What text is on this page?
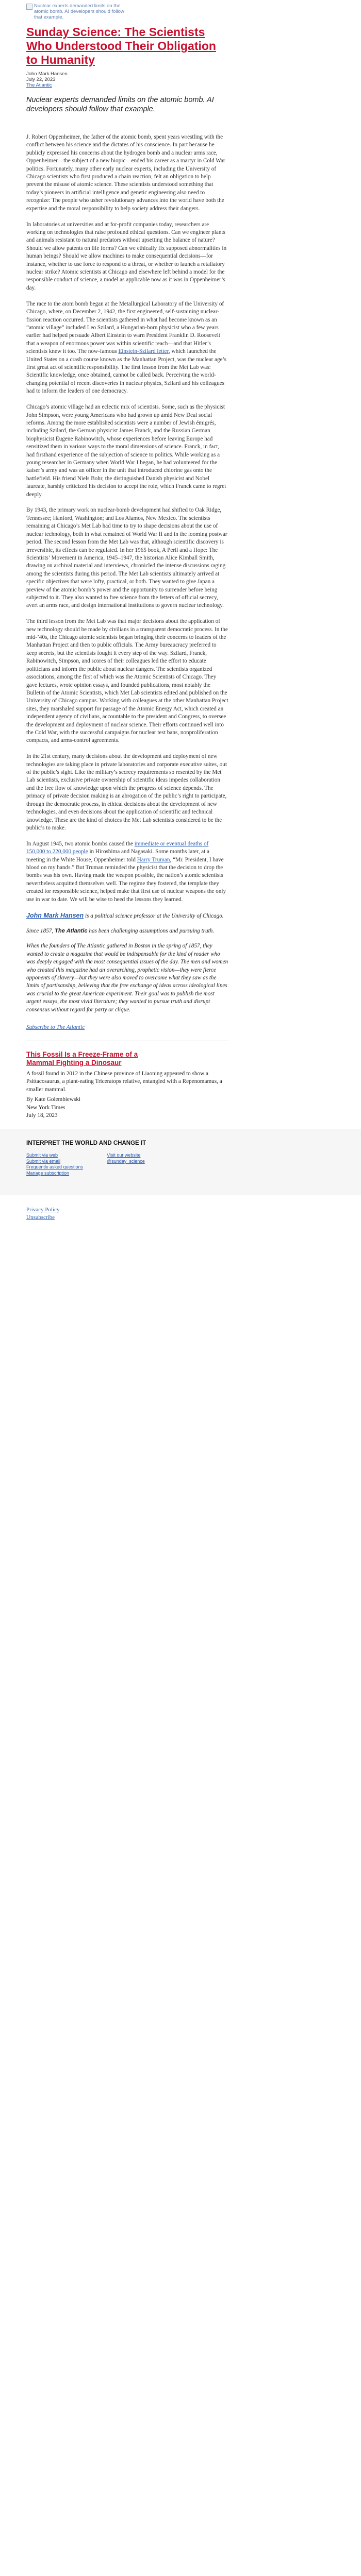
Nuclear experts demanded limits on the atomic bomb. AI developers should follow that example.
Sunday Science: The Scientists Who Understood Their Obligation to Humanity
John Mark Hansen
July 22, 2023
The Atlantic
Nuclear experts demanded limits on the atomic bomb. AI developers should follow that example.

J. Robert Oppenheimer, the father of the atomic bomb, spent years wrestling with the conflict between his science and the dictates of his conscience. In part because he publicly expressed his concerns about the hydrogen bomb and a nuclear arms race, Oppenheimer—the subject of a new biopic—ended his career as a martyr in Cold War politics. Fortunately, many other early nuclear experts, including the University of Chicago scientists who first produced a chain reaction, felt an obligation to help prevent the misuse of atomic science. These scientists understood something that today’s pioneers in artificial intelligence and genetic engineering also need to recognize: The people who usher revolutionary advances into the world have both the expertise and the moral responsibility to help society address their dangers.

In laboratories at universities and at for-profit companies today, researchers are working on technologies that raise profound ethical questions. Can we engineer plants and animals resistant to natural predators without upsetting the balance of nature? Should we allow patents on life forms? Can we ethically fix supposed abnormalities in human beings? Should we allow machines to make consequential decisions—for instance, whether to use force to respond to a threat, or whether to launch a retaliatory nuclear strike? Atomic scientists at Chicago and elsewhere left behind a model for the responsible conduct of science, a model as applicable now as it was in Oppenheimer’s day.

The race to the atom bomb began at the Metallurgical Laboratory of the University of Chicago, where, on December 2, 1942, the first engineered, self-sustaining nuclear-fission reaction occurred. The scientists gathered in what had become known as an “atomic village” included Leo Szilard, a Hungarian-born physicist who a few years earlier had helped persuade Albert Einstein to warn President Franklin D. Roosevelt that a weapon of enormous power was within scientific reach—and that Hitler’s scientists knew it too. The now-famous Einstein-Szilard letter, which launched the United States on a crash course known as the Manhattan Project, was the nuclear age’s first great act of scientific responsibility. The first lesson from the Met Lab was: Scientific knowledge, once obtained, cannot be called back. Perceiving the world-changing potential of recent discoveries in nuclear physics, Szilard and his colleagues had to inform the leaders of one democracy.

Chicago’s atomic village had an eclectic mix of scientists. Some, such as the physicist John Simpson, were young Americans who had grown up amid New Deal social reforms. Among the more established scientists were a number of Jewish émigrés, including Szilard, the German physicist James Franck, and the Russian German biophysicist Eugene Rabinowitch, whose experiences before leaving Europe had sensitized them in various ways to the moral dimensions of science. Franck, in fact, had firsthand experience of the subjection of science to politics. While working as a young researcher in Germany when World War I began, he had volunteered for the kaiser’s army and was an officer in the unit that introduced chlorine gas onto the battlefield. His friend Niels Bohr, the distinguished Danish physicist and Nobel laureate, harshly criticized his decision to accept the role, which Franck came to regret deeply.

By 1943, the primary work on nuclear-bomb development had shifted to Oak Ridge, Tennessee; Hanford, Washington; and Los Alamos, New Mexico. The scientists remaining at Chicago’s Met Lab had time to try to shape decisions about the use of nuclear technology, both in what remained of World War II and in the looming postwar period. The second lesson from the Met Lab was that, although scientific discovery is irreversible, its effects can be regulated. In her 1965 book, A Peril and a Hope: The Scientists’ Movement in America, 1945–1947, the historian Alice Kimball Smith, drawing on archival material and interviews, chronicled the intense discussions raging among the scientists during this period. The Met Lab scientists ultimately arrived at specific objectives that were lofty, practical, or both. They wanted to give Japan a preview of the atomic bomb’s power and the opportunity to surrender before being subjected to it. They also wanted to free science from the fetters of official secrecy, avert an arms race, and design international institutions to govern nuclear technology.

The third lesson from the Met Lab was that major decisions about the application of new technology should be made by civilians in a transparent democratic process. In the mid-’40s, the Chicago atomic scientists began bringing their concerns to leaders of the Manhattan Project and then to public officials. The Army bureaucracy preferred to keep secrets, but the scientists fought it every step of the way. Szilard, Franck, Rabinowitch, Simpson, and scores of their colleagues led the effort to educate politicians and inform the public about nuclear dangers. The scientists organized associations, among the first of which was the Atomic Scientists of Chicago. They gave lectures, wrote opinion essays, and founded publications, most notably the Bulletin of the Atomic Scientists, which Met Lab scientists edited and published on the University of Chicago campus. Working with colleagues at the other Manhattan Project sites, they marshaled support for passage of the Atomic Energy Act, which created an independent agency of civilians, accountable to the president and Congress, to oversee the development and deployment of nuclear science. Their efforts continued well into the Cold War, with the successful campaigns for nuclear test bans, nonproliferation compacts, and arms-control agreements.

In the 21st century, many decisions about the development and deployment of new technologies are taking place in private laboratories and corporate executive suites, out of the public’s sight. Like the military’s secrecy requirements so resented by the Met Lab scientists, exclusive private ownership of scientific ideas impedes collaboration and the free flow of knowledge upon which the progress of science depends. The primacy of private decision making is an abrogation of the public’s right to participate, through the democratic process, in ethical decisions about the development of new technologies, and even decisions about the application of scientific and technical knowledge. These are the kind of choices the Met Lab scientists considered to be the public’s to make.

In August 1945, two atomic bombs caused the immediate or eventual deaths of 150,000 to 220,000 people in Hiroshima and Nagasaki. Some months later, at a meeting in the White House, Oppenheimer told Harry Truman, “Mr. President, I have blood on my hands.” But Truman reminded the physicist that the decision to drop the bombs was his own. Having made the weapon possible, the nation’s atomic scientists nevertheless acquitted themselves well. The regime they fostered, the template they created for responsible science, helped make that first use of nuclear weapons the only use in war to date. We will be wise to heed the lessons they learned.

John Mark Hansen is a political science professor at the University of Chicago.
Since 1857, The Atlantic has been challenging assumptions and pursuing truth.
When the founders of The Atlantic gathered in Boston in the spring of 1857, they wanted to create a magazine that would be indispensable for the kind of reader who was deeply engaged with the most consequential issues of the day. The men and women who created this magazine had an overarching, prophetic vision—they were fierce opponents of slavery—but they were also moved to overcome what they saw as the limits of partisanship, believing that the free exchange of ideas across ideological lines was crucial to the great American experiment. Their goal was to publish the most urgent essays, the most vivid literature; they wanted to pursue truth and disrupt consensus without regard for party or clique.
Subscribe to The Atlantic
This Fossil Is a Freeze-Frame of a Mammal Fighting a Dinosaur

A fossil found in 2012 in the Chinese province of Liaoning appeared to show a Psittacosaurus, a plant-eating Triceratops relative, entangled with a Repenomamus, a smaller mammal.

By Kate Golembiewski
New York Times
July 18, 2023
INTERPRET THE WORLD AND CHANGE IT
Submit via web
Submit via email
Frequently asked questions
Manage subscription
Visit our website
@sunday_science
Privacy Policy
Unsubscribe
